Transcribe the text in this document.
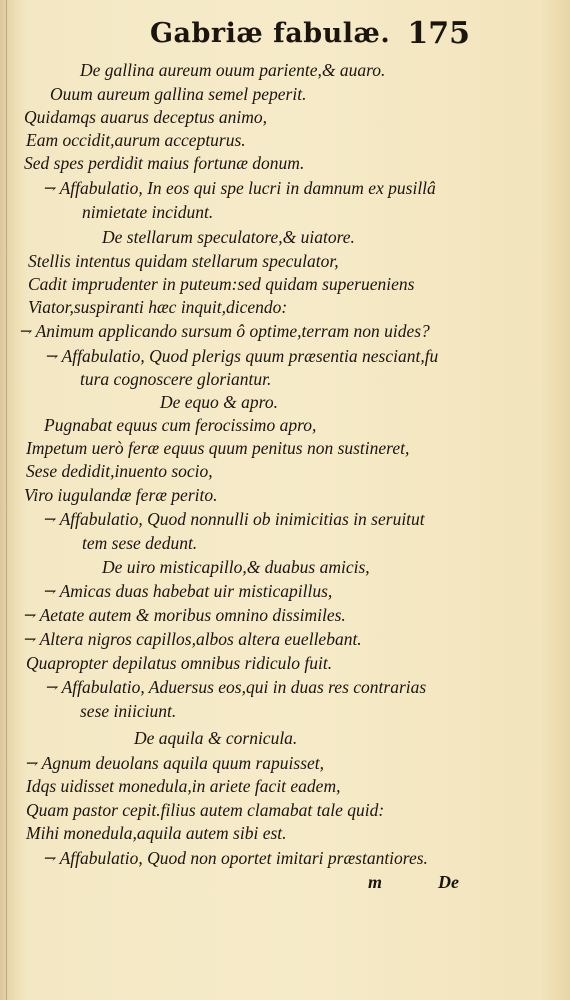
Gabriæ fabulæ. 175
De gallina aureum ouum pariente,& auaro.
Ouum aureum gallina semel peperit.
Quidamqs auarus deceptus animo,
Eam occidit,aurum accepturus.
Sed spes perdidit maius fortunæ donum.
⇁ Affabulatio, In eos qui spe lucri in damnum ex pusillâ
nimietate incidunt.
De stellarum speculatore,& uiatore.
Stellis intentus quidam stellarum speculator,
Cadit imprudenter in puteum:sed quidam superueniens
Viator,suspiranti hæc inquit,dicendo:
⇁ Animum applicando sursum ô optime,terram non uides?
⇁ Affabulatio, Quod plerigs quum præsentia nesciant,fu
tura cognoscere gloriantur.
De equo & apro.
Pugnabat equus cum ferocissimo apro,
Impetum uerò feræ equus quum penitus non sustineret,
Sese dedidit,inuento socio,
Viro iugulandæ feræ perito.
⇁ Affabulatio, Quod nonnulli ob inimicitias in seruitut
tem sese dedunt.
De uiro misticapillo,& duabus amicis,
⇁ Amicas duas habebat uir misticapillus,
⇁ Aetate autem & moribus omnino dissimiles.
⇁ Altera nigros capillos,albos altera euellebant.
Quapropter depilatus omnibus ridiculo fuit.
⇁ Affabulatio, Aduersus eos,qui in duas res contrarias
sese iniiciunt.
De aquila & cornicula.
⇁ Agnum deuolans aquila quum rapuisset,
Idqs uidisset monedula,in ariete facit eadem,
Quam pastor cepit.filius autem clamabat tale quid:
Mihi monedula,aquila autem sibi est.
⇁ Affabulatio, Quod non oportet imitari præstantiores.
m	De
